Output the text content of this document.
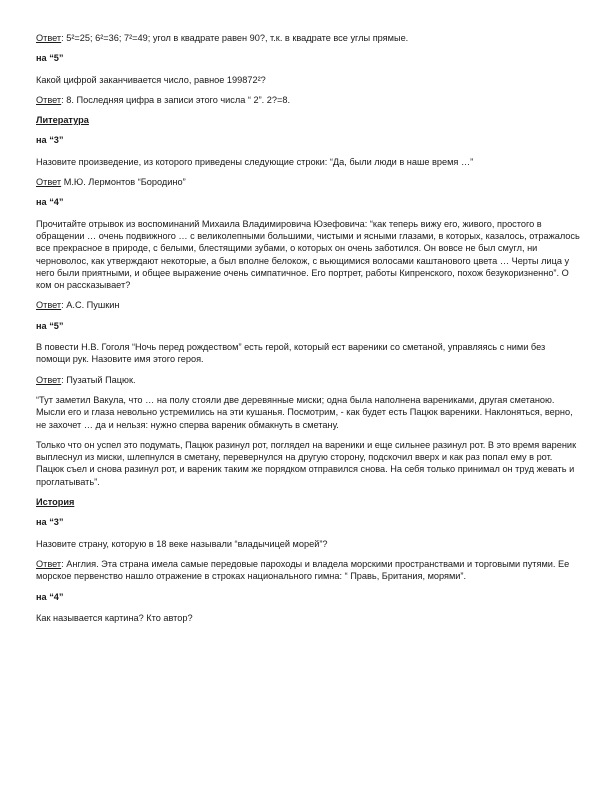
Ответ: 5²=25; 6²=36; 7²=49; угол в квадрате равен 90?, т.к. в квадрате все углы прямые.

на “5”

Какой цифрой заканчивается число, равное 199872²?

Ответ: 8. Последняя цифра в записи этого числа “ 2”. 2?=8.

Литература

на “3”

Назовите произведение, из которого приведены следующие строки: “Да, были люди в наше время …”

Ответ М.Ю. Лермонтов “Бородино”

на “4”

Прочитайте отрывок из воспоминаний Михаила Владимировича Юзефовича: “как теперь вижу его, живого, простого в обращении … очень подвижного … с великолепными большими, чистыми и ясными глазами, в которых, казалось, отражалось все прекрасное в природе, с белыми, блестящими зубами, о которых он очень заботился. Он вовсе не был смугл, ни черноволос, как утверждают некоторые, а был вполне белокож, с вьющимися волосами каштанового цвета … Черты лица у него были приятными, и общее выражение очень симпатичное. Его портрет, работы Кипренского, похож безукоризненно”. О ком он рассказывает?

Ответ: А.С. Пушкин

на “5”

В повести Н.В. Гоголя “Ночь перед рождеством” есть герой, который ест вареники со сметаной, управляясь с ними без помощи рук. Назовите имя этого героя.

Ответ: Пузатый Пацюк.

“Тут заметил Вакула, что … на полу стояли две деревянные миски; одна была наполнена варениками, другая сметаною. Мысли его и глаза невольно устремились на эти кушанья. Посмотрим, - как будет есть Пацюк вареники. Наклоняться, верно, не захочет … да и нельзя: нужно сперва вареник обмакнуть в сметану.

Только что он успел это подумать, Пацюк разинул рот, поглядел на вареники и еще сильнее разинул рот. В это время вареник выплеснул из миски, шлепнулся в сметану, перевернулся на другую сторону, подскочил вверх и как раз попал ему в рот. Пацюк съел и снова разинул рот, и вареник таким же порядком отправился снова. На себя только принимал он труд жевать и проглатывать”.

История

на “3”

Назовите страну, которую в 18 веке называли “владычицей морей”?

Ответ: Англия. Эта страна имела самые передовые пароходы и владела морскими пространствами и торговыми путями. Ее морское первенство нашло отражение в строках национального гимна: “ Правь, Британия, морями”.

на “4”

Как называется картина? Кто автор?
